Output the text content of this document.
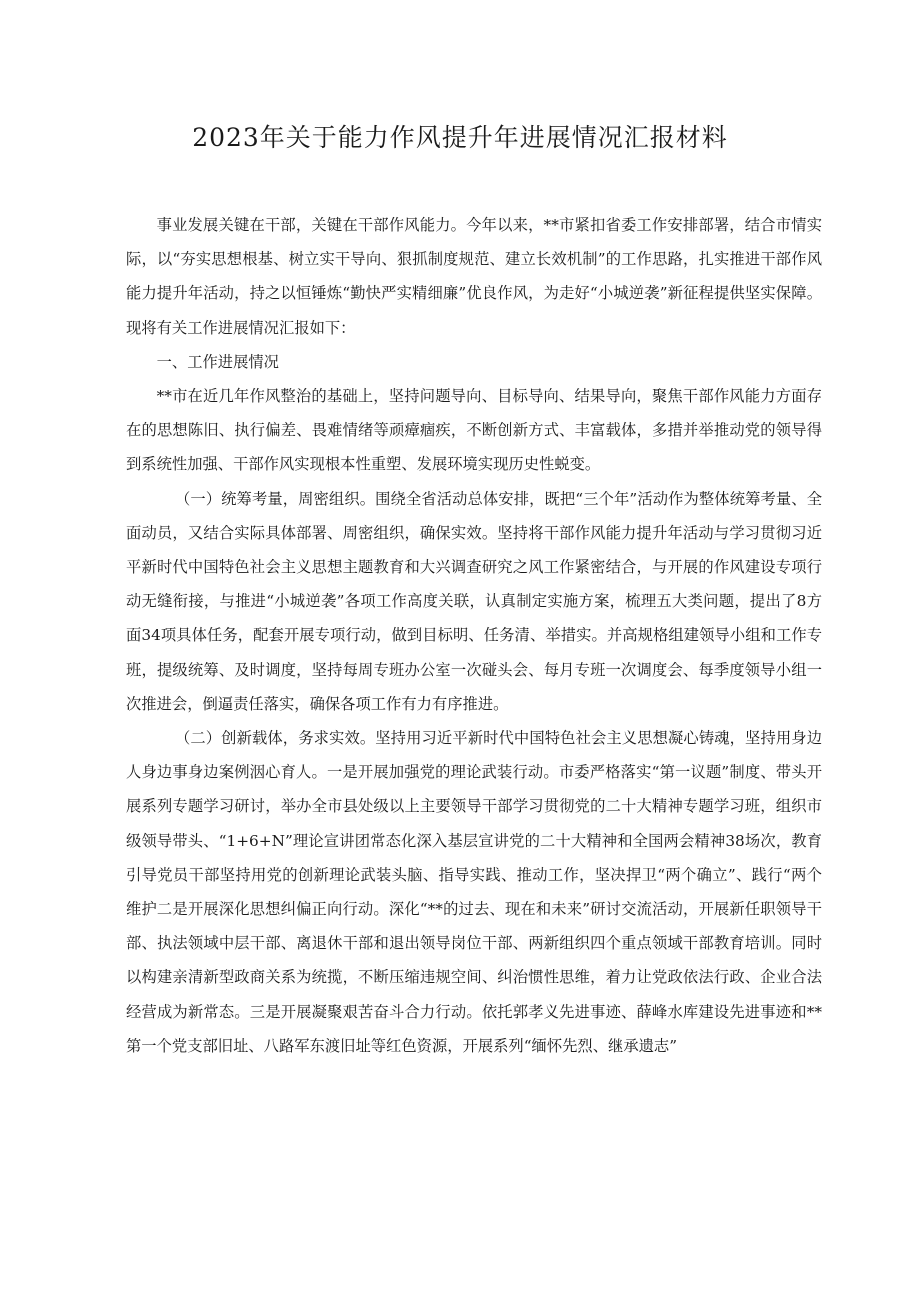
2023年关于能力作风提升年进展情况汇报材料

事业发展关键在干部，关键在干部作风能力。今年以来，**市紧扣省委工作安排部署，结合市情实际，以“夯实思想根基、树立实干导向、狠抓制度规范、建立长效机制”的工作思路，扎实推进干部作风能力提升年活动，持之以恒锤炼“勤快严实精细廉”优良作风，为走好“小城逆袭”新征程提供坚实保障。现将有关工作进展情况汇报如下：

一、工作进展情况

**市在近几年作风整治的基础上，坚持问题导向、目标导向、结果导向，聚焦干部作风能力方面存在的思想陈旧、执行偏差、畏难情绪等顽瘴痼疾，不断创新方式、丰富载体，多措并举推动党的领导得到系统性加强、干部作风实现根本性重塑、发展环境实现历史性蜕变。

（一）统筹考量，周密组织。围绕全省活动总体安排，既把“三个年”活动作为整体统筹考量、全面动员，又结合实际具体部署、周密组织，确保实效。坚持将干部作风能力提升年活动与学习贯彻习近平新时代中国特色社会主义思想主题教育和大兴调查研究之风工作紧密结合，与开展的作风建设专项行动无缝衔接，与推进“小城逆袭”各项工作高度关联，认真制定实施方案，梳理五大类问题，提出了8方面34项具体任务，配套开展专项行动，做到目标明、任务清、举措实。并高规格组建领导小组和工作专班，提级统筹、及时调度，坚持每周专班办公室一次碰头会、每月专班一次调度会、每季度领导小组一次推进会，倒逼责任落实，确保各项工作有力有序推进。

（二）创新载体，务求实效。坚持用习近平新时代中国特色社会主义思想凝心铸魂，坚持用身边人身边事身边案例洇心育人。一是开展加强党的理论武装行动。市委严格落实“第一议题”制度、带头开展系列专题学习研讨，举办全市县处级以上主要领导干部学习贯彻党的二十大精神专题学习班，组织市级领导带头、“1+6+N”理论宣讲团常态化深入基层宣讲党的二十大精神和全国两会精神38场次，教育引导党员干部坚持用党的创新理论武装头脑、指导实践、推动工作，坚决捍卫“两个确立”、践行“两个维护二是开展深化思想纠偏正向行动。深化“**的过去、现在和未来”研讨交流活动，开展新任职领导干部、执法领域中层干部、离退休干部和退出领导岗位干部、两新组织四个重点领域干部教育培训。同时以构建亲清新型政商关系为统揽，不断压缩违规空间、纠治惯性思维，着力让党政依法行政、企业合法经营成为新常态。三是开展凝聚艰苦奋斗合力行动。依托郭孝义先进事迹、薛峰水库建设先进事迹和**第一个党支部旧址、八路军东渡旧址等红色资源，开展系列“缅怀先烈、继承遗志”
